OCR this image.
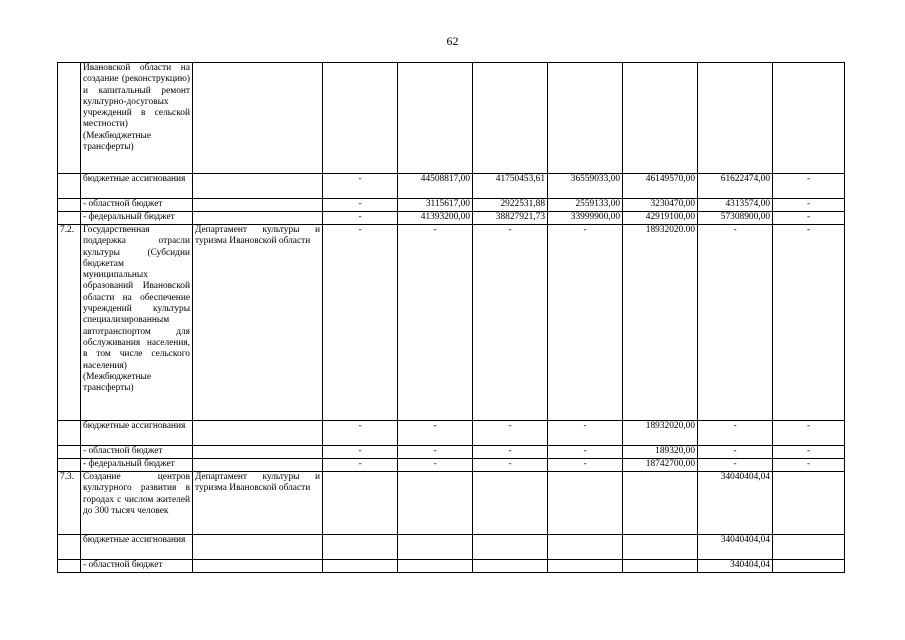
62
	Ивановской области на создание (реконструкцию) и капитальный ремонт культурно-досуговых учреждений в сельской местности) (Межбюджетные трансферты)								
	бюджетные ассигнования		-	44508817,00	41750453,61	36559033,00	46149570,00	61622474,00	-
	- областной бюджет		-	3115617,00	2922531,88	2559133,00	3230470,00	4313574,00	-
	- федеральный бюджет		-	41393200,00	38827921,73	33999900,00	42919100,00	57308900,00	-
7.2.	Государственная поддержка отрасли культуры (Субсидии бюджетам муниципальных образований Ивановской области на обеспечение учреждений культуры специализированным автотранспортом для обслуживания населения, в том числе сельского населения) (Межбюджетные трансферты)	Департамент культуры и туризма Ивановской области	-	-	-	-	18932020.00	-	-
	бюджетные ассигнования		-	-	-	-	18932020,00	-	-
	- областной бюджет		-	-	-	-	189320,00	-	-
	- федеральный бюджет		-	-	-	-	18742700,00	-	-
7.3.	Создание центров культурного развития в городах с числом жителей до 300 тысяч человек	Департамент культуры и туризма Ивановской области						34040404,04	
	бюджетные ассигнования							34040404,04	
	- областной бюджет							340404,04	
